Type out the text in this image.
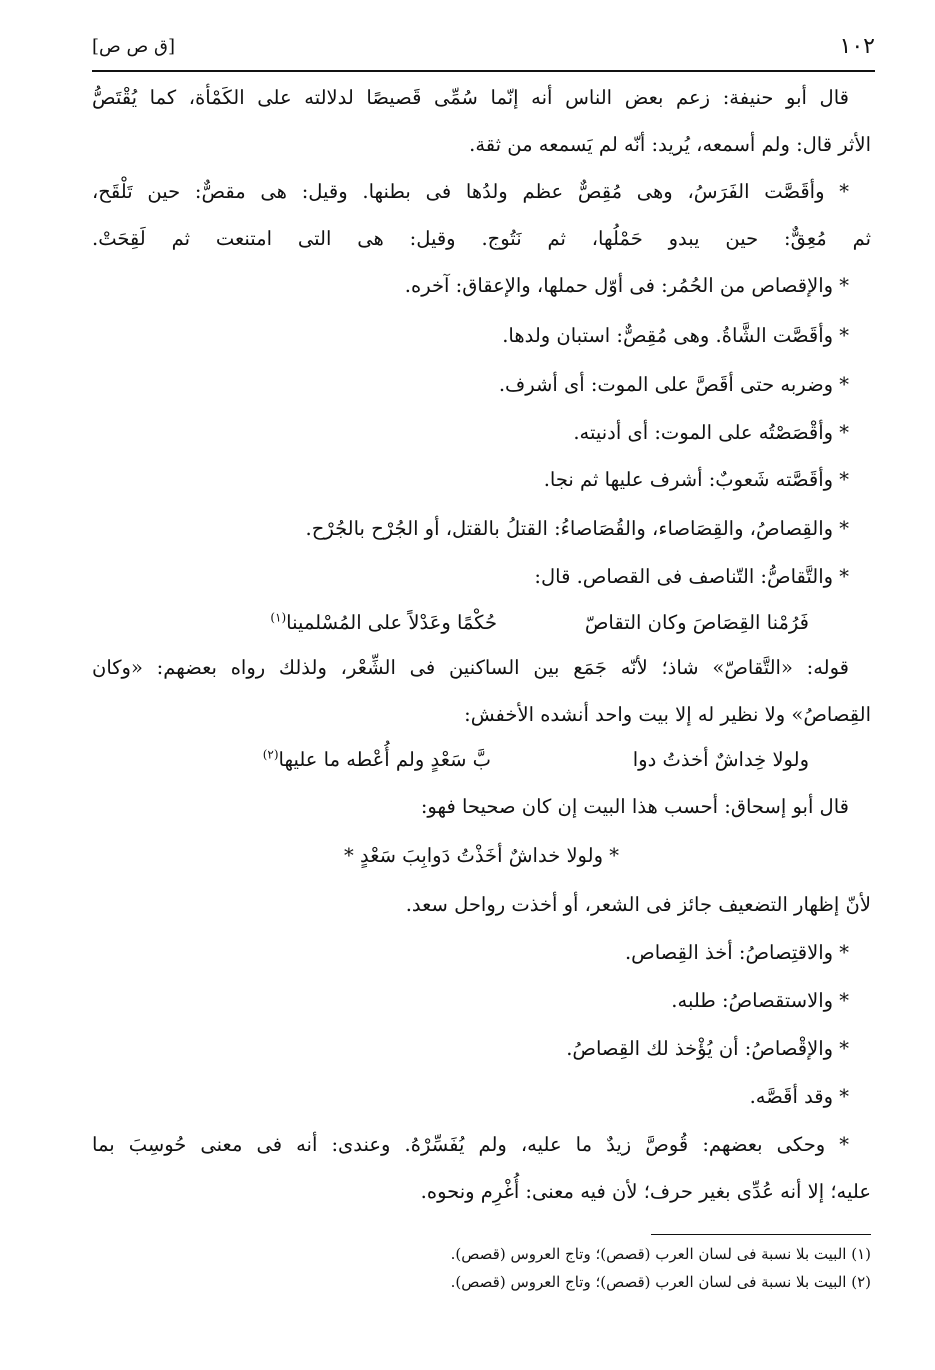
١٠٢
[ق ص ص]
قال أبو حنيفة: زعم بعض الناس أنه إنّما سُمِّى قَصيصًا لدلالته على الكَمْأة، كما يُقْتَصُّ
الأثر قال: ولم أسمعه، يُريد: أنّه لم يَسمعه من ثقة.
* وأقَصَّت الفَرَسُ، وهى مُقِصٌّ عظم ولدُها فى بطنها. وقيل: هى مقصٌّ: حين تَلْقَح،
ثم مُعِقٌّ: حين يبدو حَمْلُها، ثم نَتُوج. وقيل: هى التى امتنعت ثم لَقِحَتْ.
* والإقصاص من الحُمُر: فى أوّل حملها، والإعقاق: آخره.
* وأقَصَّت الشَّاةُ. وهى مُقِصٌّ: استبان ولدها.
* وضربه حتى أقَصَّ على الموت: أى أشرف.
* وأقْصَصْتُه على الموت: أى أدنيته.
* وأقَصَّته شَعوبٌ: أشرف عليها ثم نجا.
* والقِصاصُ، والقِصَاصاء، والقُصَاصاءُ: القتلُ بالقتل، أو الجُرْح بالجُرْح.
* والتَّقاصُّ: التّناصف فى القصاص. قال:
فَرُمْنا القِصَاصَ وكان التقاصّ
حُكْمًا وعَدْلاً على المُسْلمينا$^{(١)}$
قوله: «التَّقاصّ» شاذ؛ لأنّه جَمَع بين الساكنين فى الشِّعْر، ولذلك رواه بعضهم: «وكان
القِصاصُ» ولا نظير له إلا بيت واحد أنشده الأخفش:
ولولا خِداشٌ أخذتُ دوا
بَّ سَعْدٍ ولم أُعْطه ما عليها$^{(٢)}$
قال أبو إسحاق: أحسب هذا البيت إن كان صحيحا فهو:
* ولولا خداشٌ أخَذْتُ دَوابِبَ سَعْدٍ *
لأنّ إظهار التضعيف جائز فى الشعر، أو أخذت رواحل سعد.
* والاقتِصاصُ: أخذ القِصاص.
* والاستقصاصُ: طلبه.
* والإقْصاصُ: أن يُؤْخذ لك القِصاصُ.
* وقد أقَصَّه.
* وحكى بعضهم: قُوصَّ زيدٌ ما عليه، ولم يُفَسِّرْهُ. وعندى: أنه فى معنى حُوسِبَ بما
عليه؛ إلا أنه عُدِّى بغير حرف؛ لأن فيه معنى: أُغْرِم ونحوه.
(١) البيت بلا نسبة فى لسان العرب (قصص)؛ وتاج العروس (قصص).
(٢) البيت بلا نسبة فى لسان العرب (قصص)؛ وتاج العروس (قصص).
